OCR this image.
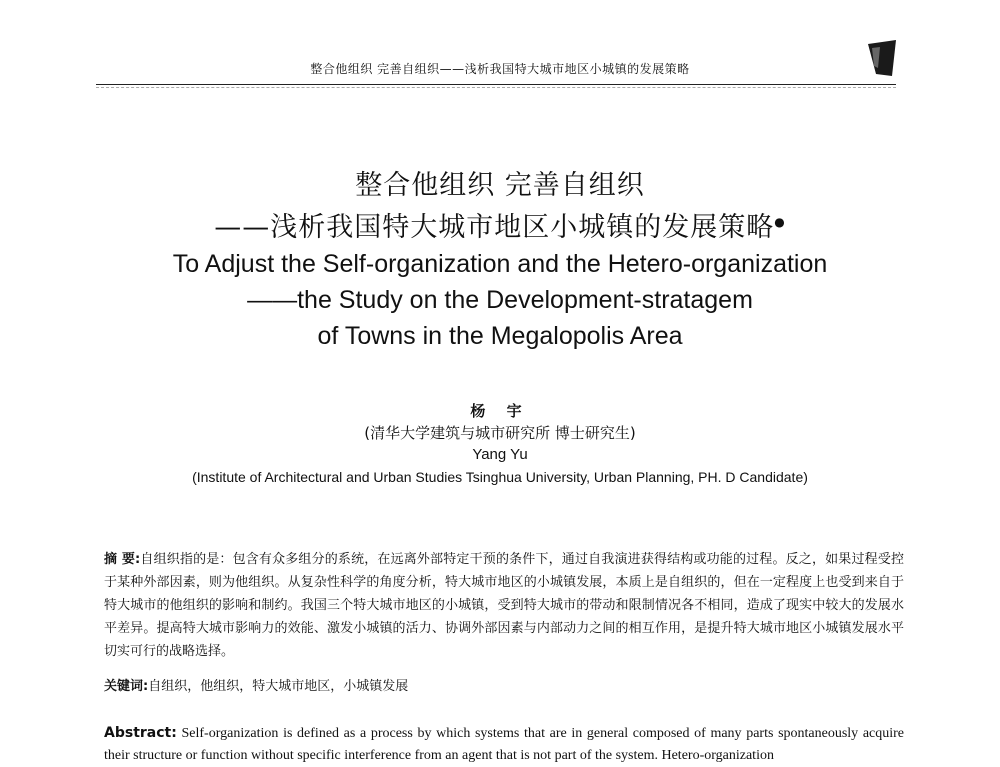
整合他组织 完善自组织——浅析我国特大城市地区小城镇的发展策略
整合他组织 完善自组织
——浅析我国特大城市地区小城镇的发展策略●
To Adjust the Self-organization and the Hetero-organization
——the Study on the Development-stratagem
of Towns in the Megalopolis Area
杨 宇
(清华大学建筑与城市研究所 博士研究生)
Yang Yu
(Institute of Architectural and Urban Studies Tsinghua University, Urban Planning, PH. D Candidate)
摘 要:自组织指的是：包含有众多组分的系统，在远离外部特定干预的条件下，通过自我演进获得结构或功能的过程。反之，如果过程受控于某种外部因素，则为他组织。从复杂性科学的角度分析，特大城市地区的小城镇发展，本质上是自组织的，但在一定程度上也受到来自于特大城市的他组织的影响和制约。我国三个特大城市地区的小城镇，受到特大城市的带动和限制情况各不相同，造成了现实中较大的发展水平差异。提高特大城市影响力的效能、激发小城镇的活力、协调外部因素与内部动力之间的相互作用，是提升特大城市地区小城镇发展水平切实可行的战略选择。
关键词:自组织，他组织，特大城市地区，小城镇发展
Abstract: Self-organization is defined as a process by which systems that are in general composed of many parts spontaneously acquire their structure or function without specific interference from an agent that is not part of the system. Hetero-organization
